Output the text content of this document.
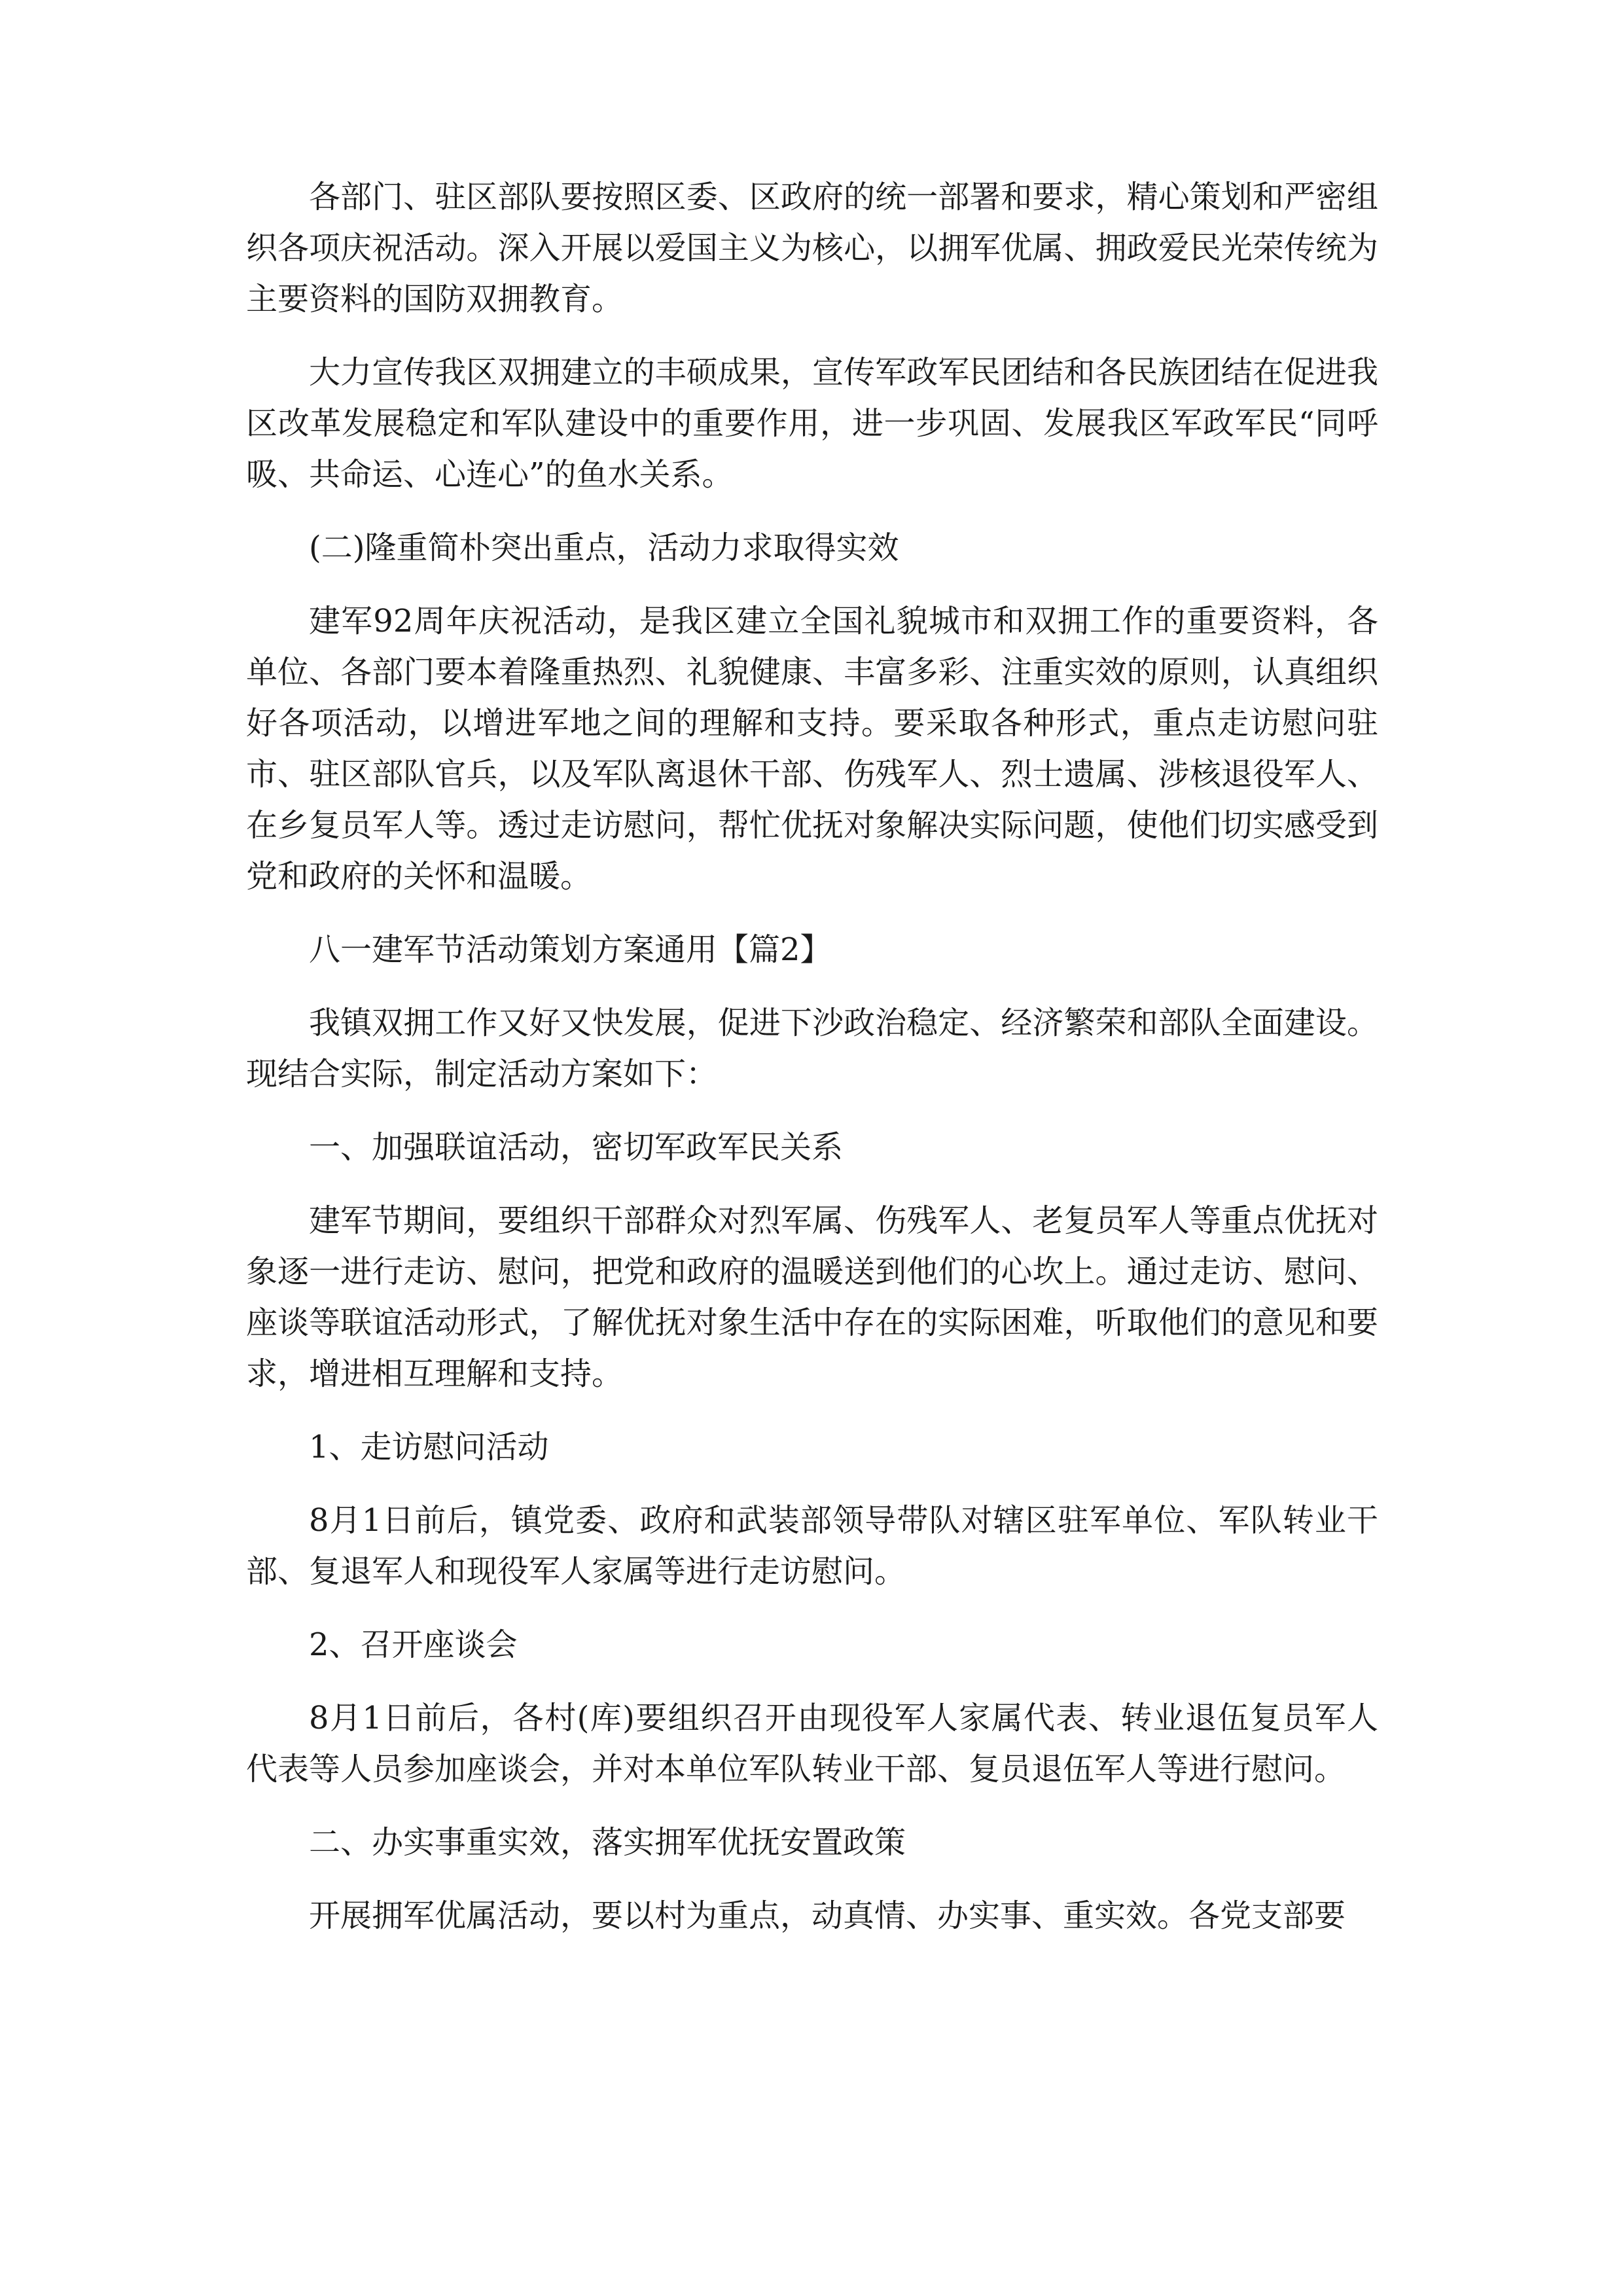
各部门、驻区部队要按照区委、区政府的统一部署和要求，精心策划和严密组织各项庆祝活动。深入开展以爱国主义为核心，以拥军优属、拥政爱民光荣传统为主要资料的国防双拥教育。

大力宣传我区双拥建立的丰硕成果，宣传军政军民团结和各民族团结在促进我区改革发展稳定和军队建设中的重要作用，进一步巩固、发展我区军政军民“同呼吸、共命运、心连心”的鱼水关系。

(二)隆重简朴突出重点，活动力求取得实效

建军92周年庆祝活动，是我区建立全国礼貌城市和双拥工作的重要资料，各单位、各部门要本着隆重热烈、礼貌健康、丰富多彩、注重实效的原则，认真组织好各项活动，以增进军地之间的理解和支持。要采取各种形式，重点走访慰问驻市、驻区部队官兵，以及军队离退休干部、伤残军人、烈士遗属、涉核退役军人、在乡复员军人等。透过走访慰问，帮忙优抚对象解决实际问题，使他们切实感受到党和政府的关怀和温暖。

八一建军节活动策划方案通用【篇2】

我镇双拥工作又好又快发展，促进下沙政治稳定、经济繁荣和部队全面建设。现结合实际，制定活动方案如下：

一、加强联谊活动，密切军政军民关系

建军节期间，要组织干部群众对烈军属、伤残军人、老复员军人等重点优抚对象逐一进行走访、慰问，把党和政府的温暖送到他们的心坎上。通过走访、慰问、座谈等联谊活动形式，了解优抚对象生活中存在的实际困难，听取他们的意见和要求，增进相互理解和支持。

1、走访慰问活动

8月1日前后，镇党委、政府和武装部领导带队对辖区驻军单位、军队转业干部、复退军人和现役军人家属等进行走访慰问。

2、召开座谈会

8月1日前后，各村(库)要组织召开由现役军人家属代表、转业退伍复员军人代表等人员参加座谈会，并对本单位军队转业干部、复员退伍军人等进行慰问。

二、办实事重实效，落实拥军优抚安置政策

开展拥军优属活动，要以村为重点，动真情、办实事、重实效。各党支部要
